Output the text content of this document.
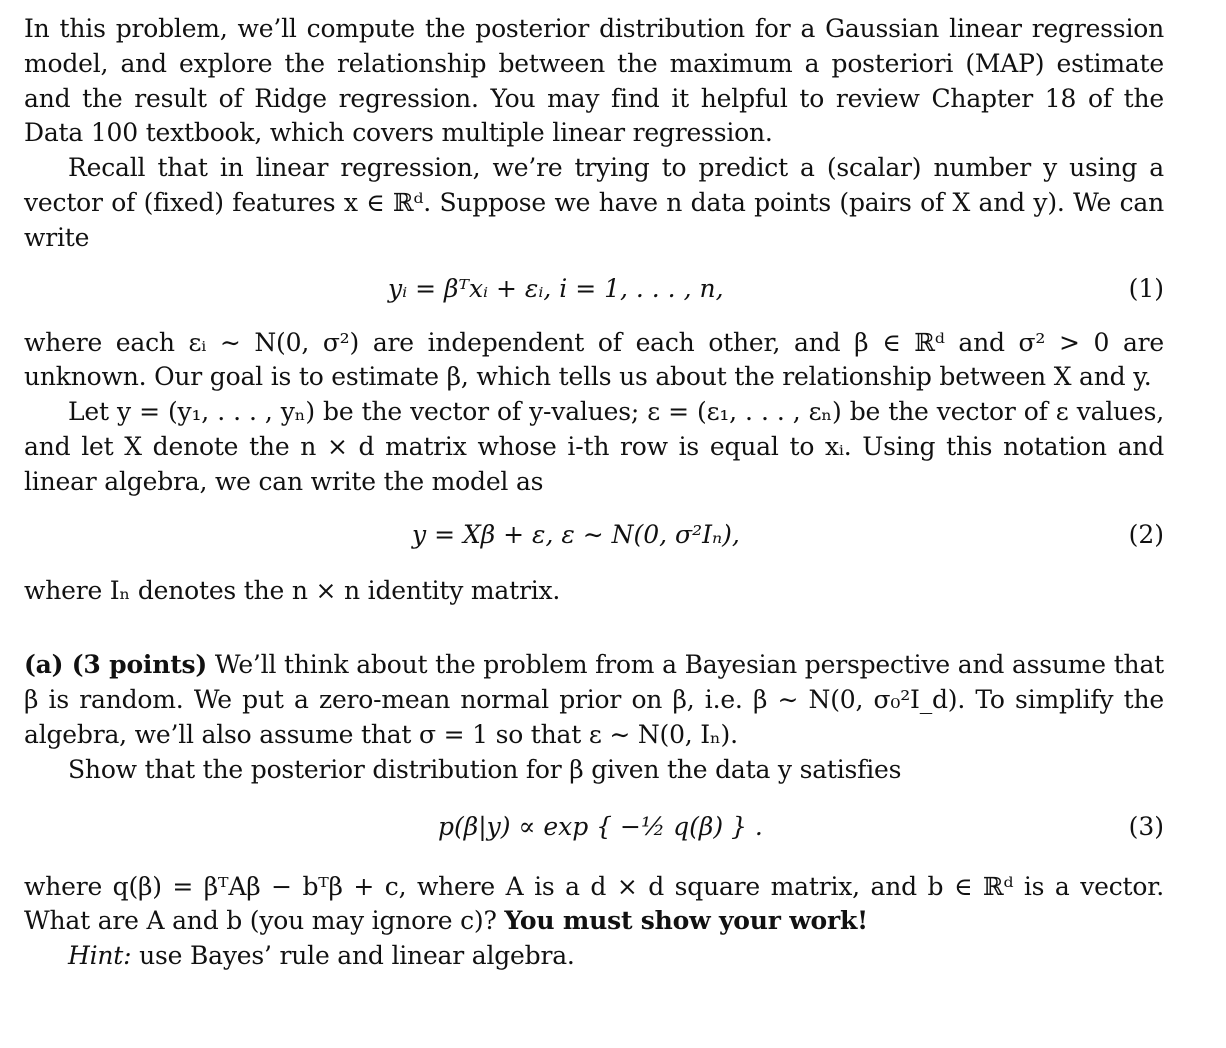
In this problem, we’ll compute the posterior distribution for a Gaussian linear regression model, and explore the relationship between the maximum a posteriori (MAP) estimate and the result of Ridge regression. You may find it helpful to review Chapter 18 of the Data 100 textbook, which covers multiple linear regression.

Recall that in linear regression, we’re trying to predict a (scalar) number y using a vector of (fixed) features x ∈ ℝᵈ. Suppose we have n data points (pairs of X and y). We can write

yᵢ = βᵀxᵢ + εᵢ, i = 1, . . . , n,	(1)

where each εᵢ ∼ N(0, σ²) are independent of each other, and β ∈ ℝᵈ and σ² > 0 are unknown. Our goal is to estimate β, which tells us about the relationship between X and y.

Let y = (y₁, . . . , yₙ) be the vector of y-values; ε = (ε₁, . . . , εₙ) be the vector of ε values, and let X denote the n × d matrix whose i-th row is equal to xᵢ. Using this notation and linear algebra, we can write the model as

y = Xβ + ε, ε ∼ N(0, σ²Iₙ),	(2)

where Iₙ denotes the n × n identity matrix.

(a) (3 points) We’ll think about the problem from a Bayesian perspective and assume that β is random. We put a zero-mean normal prior on β, i.e. β ∼ N(0, σ₀²I_d). To simplify the algebra, we’ll also assume that σ = 1 so that ε ∼ N(0, Iₙ).

Show that the posterior distribution for β given the data y satisfies

p(β|y) ∝ exp { −½ q(β) } .	(3)

where q(β) = βᵀAβ − bᵀβ + c, where A is a d × d square matrix, and b ∈ ℝᵈ is a vector. What are A and b (you may ignore c)? You must show your work!

Hint: use Bayes’ rule and linear algebra.
